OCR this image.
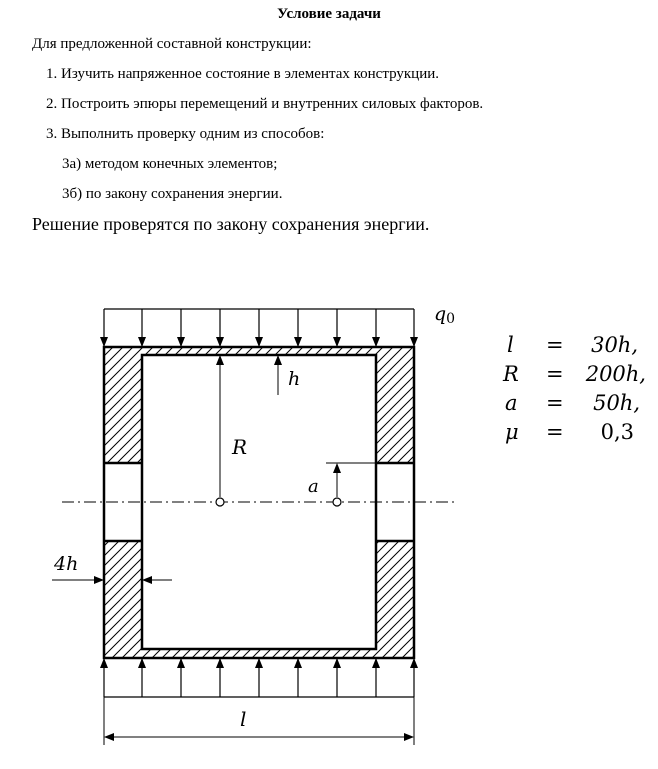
Условие задачи
Для предложенной составной конструкции:
1. Изучить напряженное состояние в элементах конструкции.
2. Построить эпюры перемещений и внутренних силовых факторов.
3. Выполнить проверку одним из способов:
3а) методом конечных элементов;
3б) по закону сохранения энергии.
Решение проверятся по закону сохранения энергии.
q0
R
h
a
4h
l
l = 30h,
R = 200h,
a = 50h,
μ = 0,3
